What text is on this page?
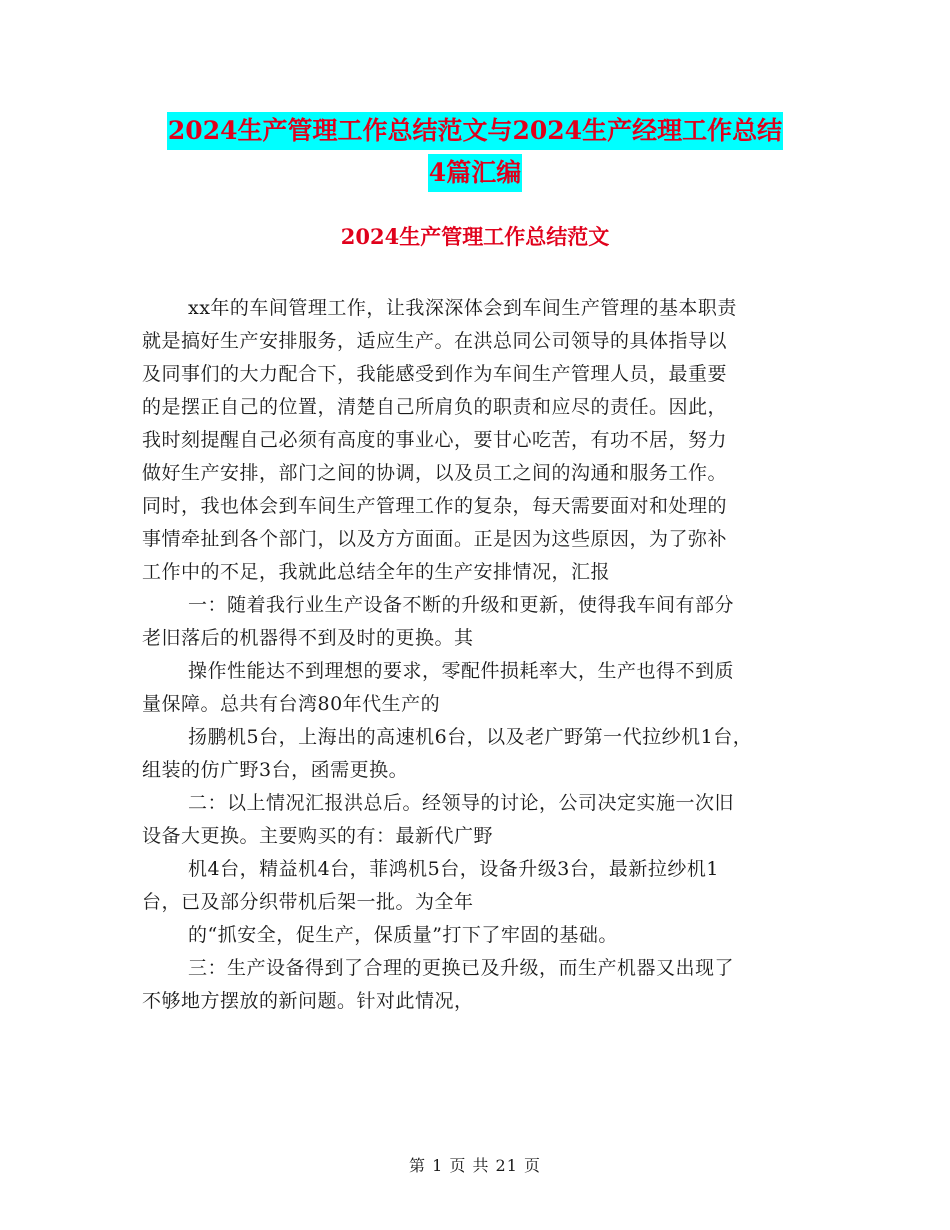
2024生产管理工作总结范文与2024生产经理工作总结
4篇汇编
2024生产管理工作总结范文
xx年的车间管理工作，让我深深体会到车间生产管理的基本职责
就是搞好生产安排服务，适应生产。在洪总同公司领导的具体指导以
及同事们的大力配合下，我能感受到作为车间生产管理人员，最重要
的是摆正自己的位置，清楚自己所肩负的职责和应尽的责任。因此，
我时刻提醒自己必须有高度的事业心，要甘心吃苦，有功不居，努力
做好生产安排，部门之间的协调，以及员工之间的沟通和服务工作。
同时，我也体会到车间生产管理工作的复杂，每天需要面对和处理的
事情牵扯到各个部门，以及方方面面。正是因为这些原因，为了弥补
工作中的不足，我就此总结全年的生产安排情况，汇报
一：随着我行业生产设备不断的升级和更新，使得我车间有部分
老旧落后的机器得不到及时的更换。其
操作性能达不到理想的要求，零配件损耗率大，生产也得不到质
量保障。总共有台湾80年代生产的
扬鹏机5台，上海出的高速机6台，以及老广野第一代拉纱机1台，
组装的仿广野3台，函需更换。
二：以上情况汇报洪总后。经领导的讨论，公司决定实施一次旧
设备大更换。主要购买的有：最新代广野
机4台，精益机4台，菲鸿机5台，设备升级3台，最新拉纱机1
台，已及部分织带机后架一批。为全年
的“抓安全，促生产，保质量”打下了牢固的基础。
三：生产设备得到了合理的更换已及升级，而生产机器又出现了
不够地方摆放的新问题。针对此情况，
第 1 页 共 21 页
